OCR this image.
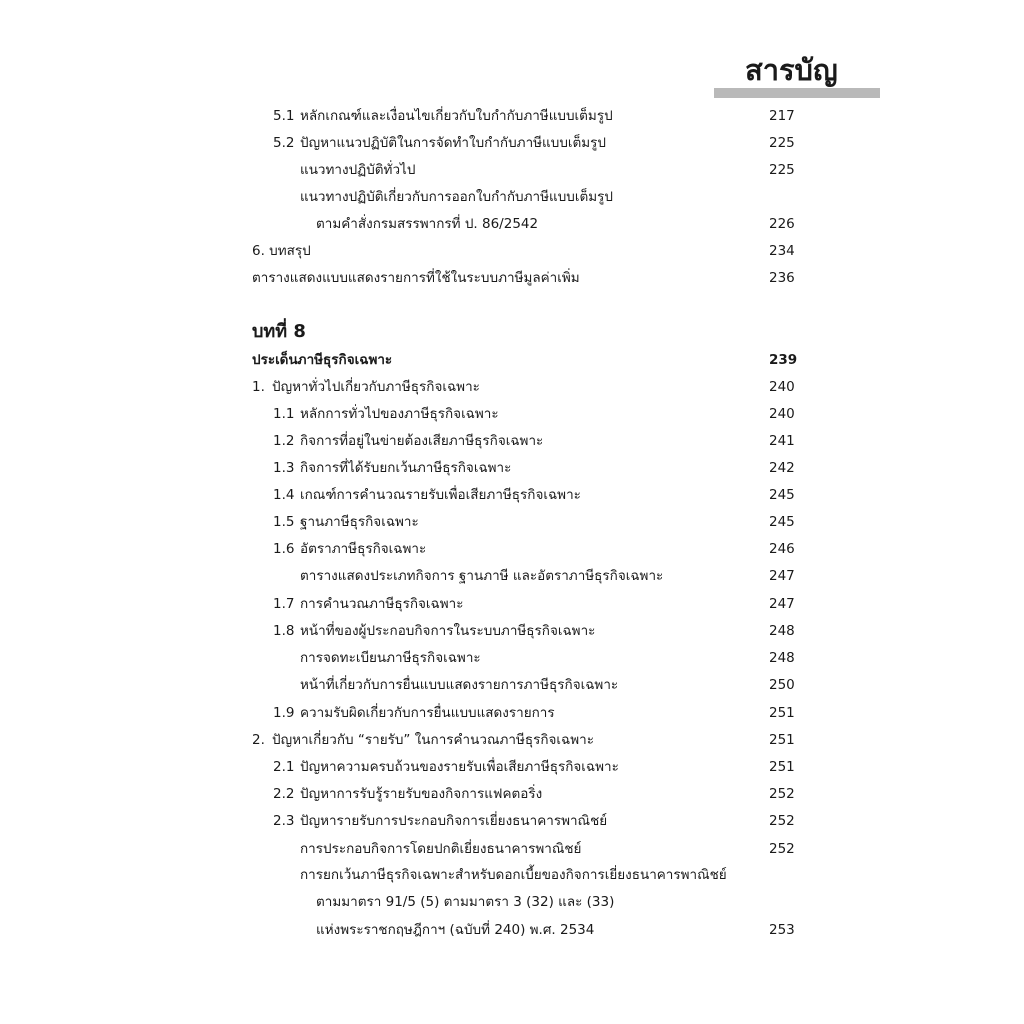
สารบัญ
บทที่ 8
5.1 หลักเกณฑ์และเงื่อนไขเกี่ยวกับใบกำกับภาษีแบบเต็มรูป	217
5.2 ปัญหาแนวปฏิบัติในการจัดทำใบกำกับภาษีแบบเต็มรูป	225
แนวทางปฏิบัติทั่วไป	225
แนวทางปฏิบัติเกี่ยวกับการออกใบกำกับภาษีแบบเต็มรูป
ตามคำสั่งกรมสรรพากรที่ ป. 86/2542	226
6. บทสรุป	234
ตารางแสดงแบบแสดงรายการที่ใช้ในระบบภาษีมูลค่าเพิ่ม	236
ประเด็นภาษีธุรกิจเฉพาะ	239
1. ปัญหาทั่วไปเกี่ยวกับภาษีธุรกิจเฉพาะ	240
1.1 หลักการทั่วไปของภาษีธุรกิจเฉพาะ	240
1.2 กิจการที่อยู่ในข่ายต้องเสียภาษีธุรกิจเฉพาะ	241
1.3 กิจการที่ได้รับยกเว้นภาษีธุรกิจเฉพาะ	242
1.4 เกณฑ์การคำนวณรายรับเพื่อเสียภาษีธุรกิจเฉพาะ	245
1.5 ฐานภาษีธุรกิจเฉพาะ	245
1.6 อัตราภาษีธุรกิจเฉพาะ	246
ตารางแสดงประเภทกิจการ ฐานภาษี และอัตราภาษีธุรกิจเฉพาะ	247
1.7 การคำนวณภาษีธุรกิจเฉพาะ	247
1.8 หน้าที่ของผู้ประกอบกิจการในระบบภาษีธุรกิจเฉพาะ	248
การจดทะเบียนภาษีธุรกิจเฉพาะ	248
หน้าที่เกี่ยวกับการยื่นแบบแสดงรายการภาษีธุรกิจเฉพาะ	250
1.9 ความรับผิดเกี่ยวกับการยื่นแบบแสดงรายการ	251
2. ปัญหาเกี่ยวกับ “รายรับ” ในการคำนวณภาษีธุรกิจเฉพาะ	251
2.1 ปัญหาความครบถ้วนของรายรับเพื่อเสียภาษีธุรกิจเฉพาะ	251
2.2 ปัญหาการรับรู้รายรับของกิจการแฟคตอริ่ง	252
2.3 ปัญหารายรับการประกอบกิจการเยี่ยงธนาคารพาณิชย์	252
การประกอบกิจการโดยปกติเยี่ยงธนาคารพาณิชย์	252
การยกเว้นภาษีธุรกิจเฉพาะสำหรับดอกเบี้ยของกิจการเยี่ยงธนาคารพาณิชย์
ตามมาตรา 91/5 (5) ตามมาตรา 3 (32) และ (33)
แห่งพระราชกฤษฎีกาฯ (ฉบับที่ 240) พ.ศ. 2534	253
